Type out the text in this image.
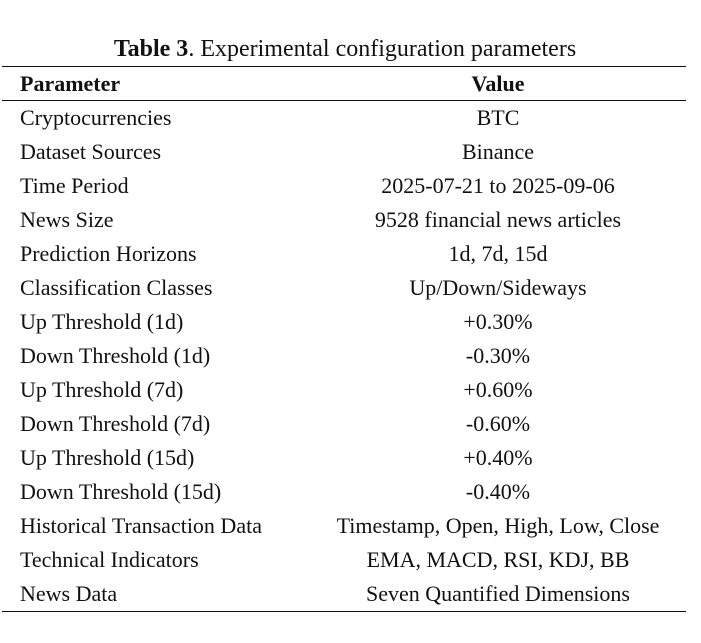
Table 3. Experimental configuration parameters
Parameter	Value
Cryptocurrencies	BTC
Dataset Sources	Binance
Time Period	2025-07-21 to 2025-09-06
News Size	9528 financial news articles
Prediction Horizons	1d, 7d, 15d
Classification Classes	Up/Down/Sideways
Up Threshold (1d)	+0.30%
Down Threshold (1d)	-0.30%
Up Threshold (7d)	+0.60%
Down Threshold (7d)	-0.60%
Up Threshold (15d)	+0.40%
Down Threshold (15d)	-0.40%
Historical Transaction Data	Timestamp, Open, High, Low, Close
Technical Indicators	EMA, MACD, RSI, KDJ, BB
News Data	Seven Quantified Dimensions
